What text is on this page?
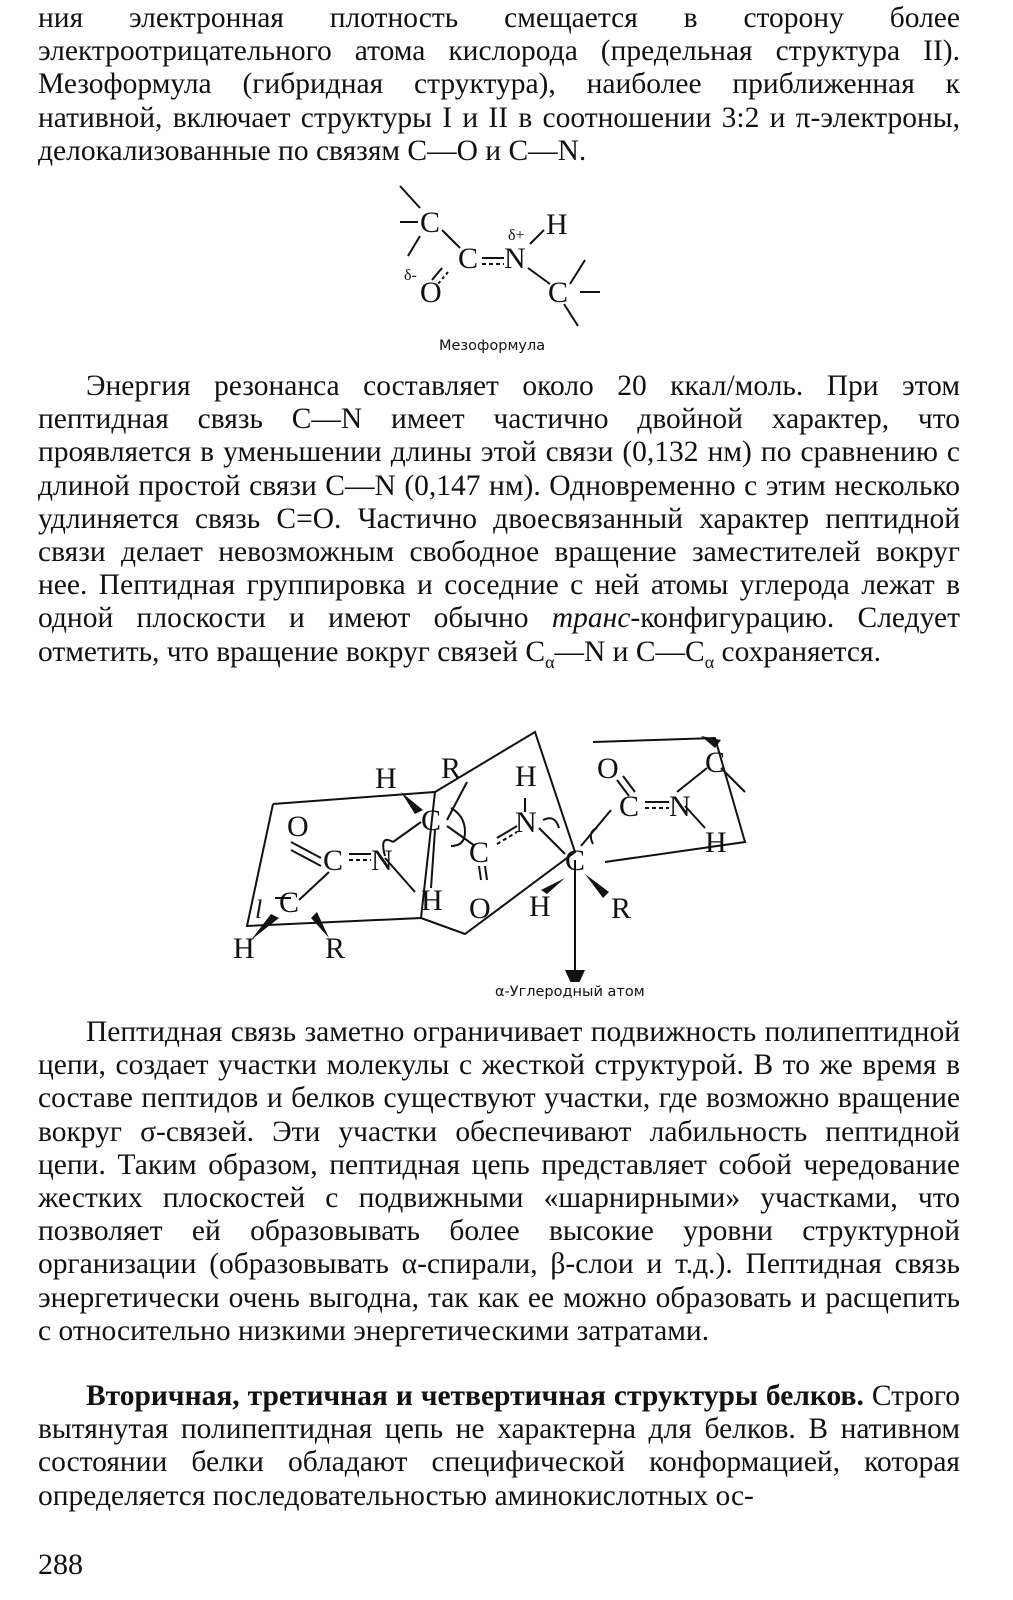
ния электронная плотность смещается в сторону более электроотрицательного атома кислорода (предельная структура II). Мезоформула (гибридная структура), наиболее приближенная к нативной, включает структуры I и II в соотношении 3:2 и π-электроны, делокализованные по связям C—O и C—N.

C
C N
H
O	C
δ+
δ-
Мезоформула

Энергия резонанса составляет около 20 ккал/моль. При этом пептидная связь C—N имеет частично двойной характер, что проявляется в уменьшении длины этой связи (0,132 нм) по сравнению с длиной простой связи C—N (0,147 нм). Одновременно с этим несколько удлиняется связь C=O. Частично двоесвязанный характер пептидной связи делает невозможным свободное вращение заместителей вокруг нее. Пептидная группировка и соседние с ней атомы углерода лежат в одной плоскости и имеют обычно транс-конфигурацию. Следует отметить, что вращение вокруг связей $C_\alpha—N$ и $C—C_\alpha$ сохраняется.

H
C
R
l
O
C N
H
H R
C
C
O
H
N
C
H R
O
C N
H
C
α-Углеродный атом

Пептидная связь заметно ограничивает подвижность полипептидной цепи, создает участки молекулы с жесткой структурой. В то же время в составе пептидов и белков существуют участки, где возможно вращение вокруг σ-связей. Эти участки обеспечивают лабильность пептидной цепи. Таким образом, пептидная цепь представляет собой чередование жестких плоскостей с подвижными «шарнирными» участками, что позволяет ей образовывать более высокие уровни структурной организации (образовывать α-спирали, β-слои и т.д.). Пептидная связь энергетически очень выгодна, так как ее можно образовать и расщепить с относительно низкими энергетическими затратами.

Вторичная, третичная и четвертичная структуры белков. Строго вытянутая полипептидная цепь не характерна для белков. В нативном состоянии белки обладают специфической конформацией, которая определяется последовательностью аминокислотных ос-

288
